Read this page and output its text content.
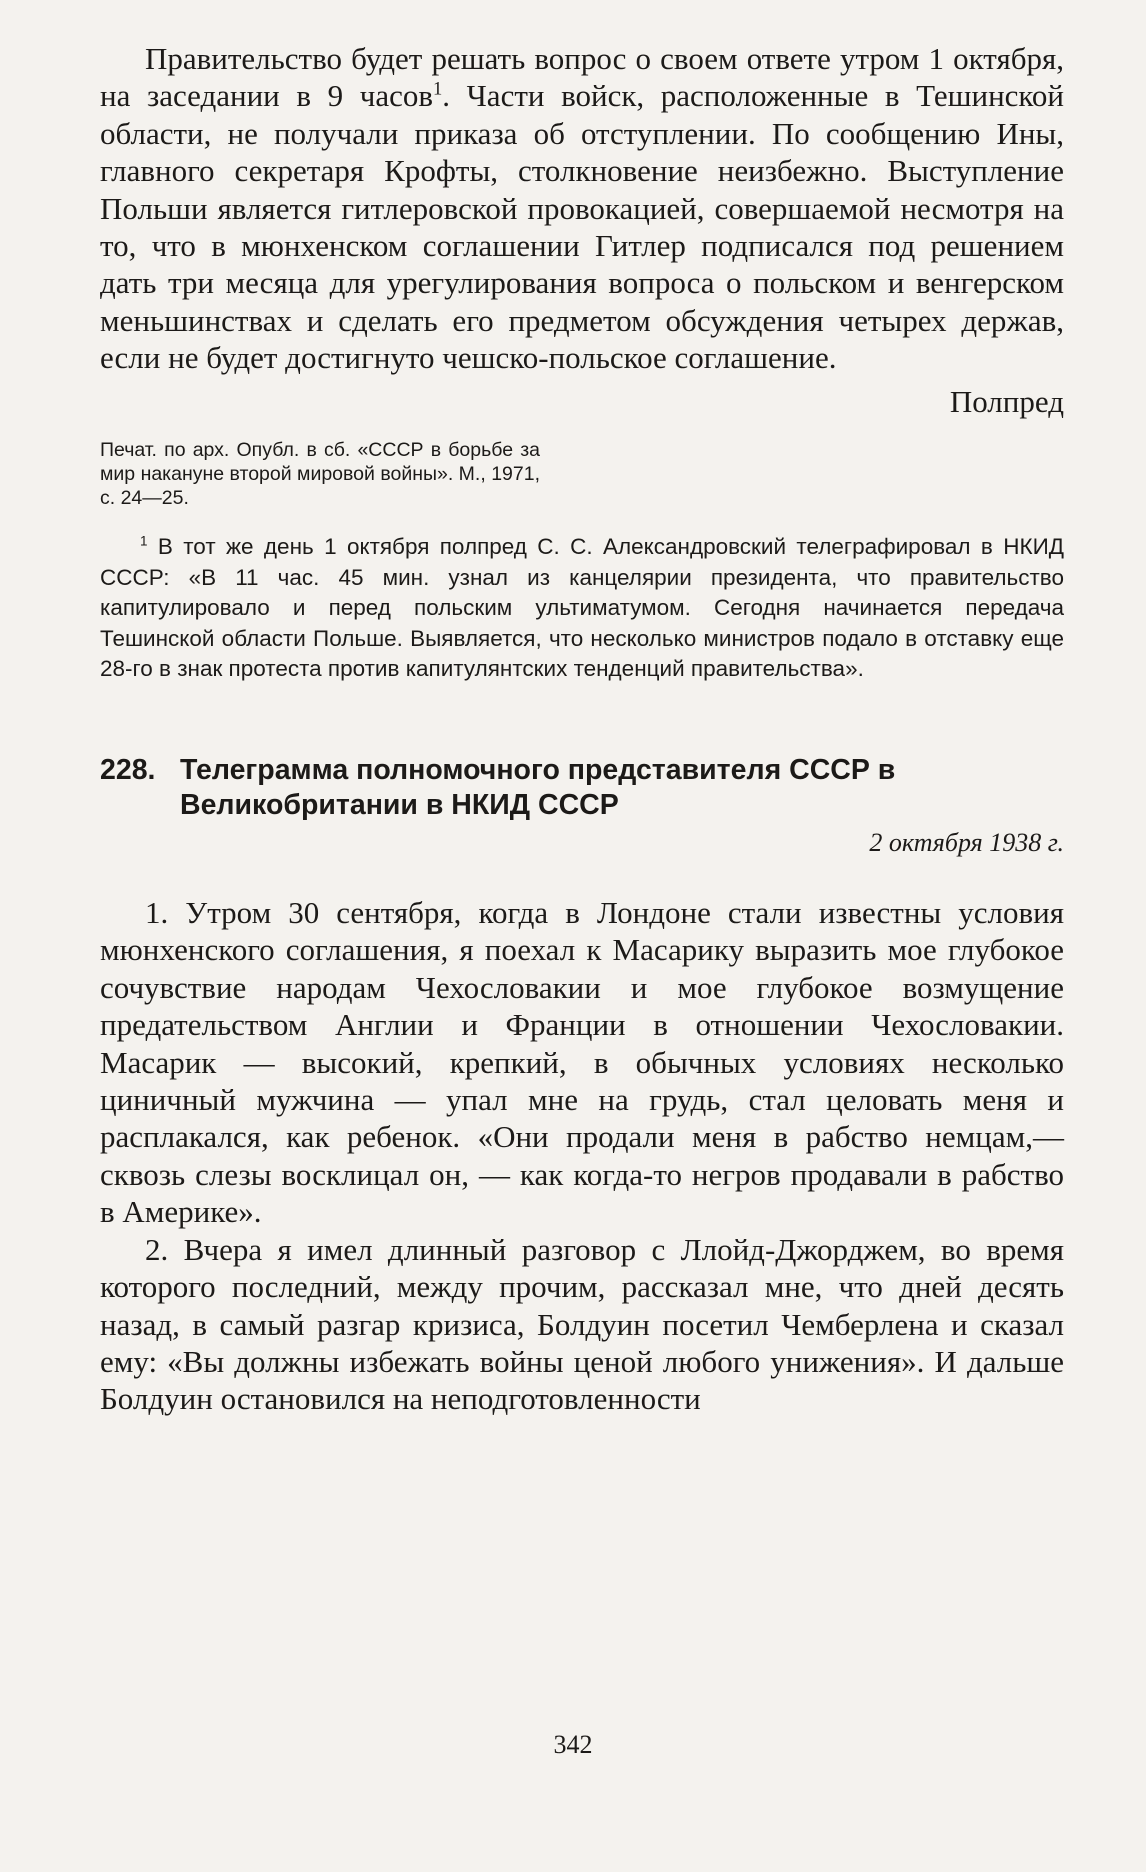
Правительство будет решать вопрос о своем ответе утром 1 октября, на заседании в 9 часов$^1$. Части войск, расположенные в Тешинской области, не получали приказа об отступлении. По сообщению Ины, главного секретаря Крофты, столкновение неизбежно. Выступление Польши является гитлеровской провокацией, совершаемой несмотря на то, что в мюнхенском соглашении Гитлер подписался под решением дать три месяца для урегулирования вопроса о польском и венгерском меньшинствах и сделать его предметом обсуждения четырех держав, если не будет достигнуто чешско-польское соглашение.

Полпред

Печат. по арх. Опубл. в сб. «СССР в борьбе за мир накануне второй мировой войны». М., 1971, с. 24—25.

$^1$ В тот же день 1 октября полпред С. С. Александровский телеграфировал в НКИД СССР: «В 11 час. 45 мин. узнал из канцелярии президента, что правительство капитулировало и перед польским ультиматумом. Сегодня начинается передача Тешинской области Польше. Выявляется, что несколько министров подало в отставку еще 28-го в знак протеста против капитулянтских тенденций правительства».

228. Телеграмма полномочного представителя СССР в Великобритании в НКИД СССР

2 октября 1938 г.

1. Утром 30 сентября, когда в Лондоне стали известны условия мюнхенского соглашения, я поехал к Масарику выразить мое глубокое сочувствие народам Чехословакии и мое глубокое возмущение предательством Англии и Франции в отношении Чехословакии. Масарик — высокий, крепкий, в обычных условиях несколько циничный мужчина — упал мне на грудь, стал целовать меня и расплакался, как ребенок. «Они продали меня в рабство немцам,— сквозь слезы восклицал он, — как когда-то негров продавали в рабство в Америке».

2. Вчера я имел длинный разговор с Ллойд-Джорджем, во время которого последний, между прочим, рассказал мне, что дней десять назад, в самый разгар кризиса, Болдуин посетил Чемберлена и сказал ему: «Вы должны избежать войны ценой любого унижения». И дальше Болдуин остановился на неподготовленности

342
